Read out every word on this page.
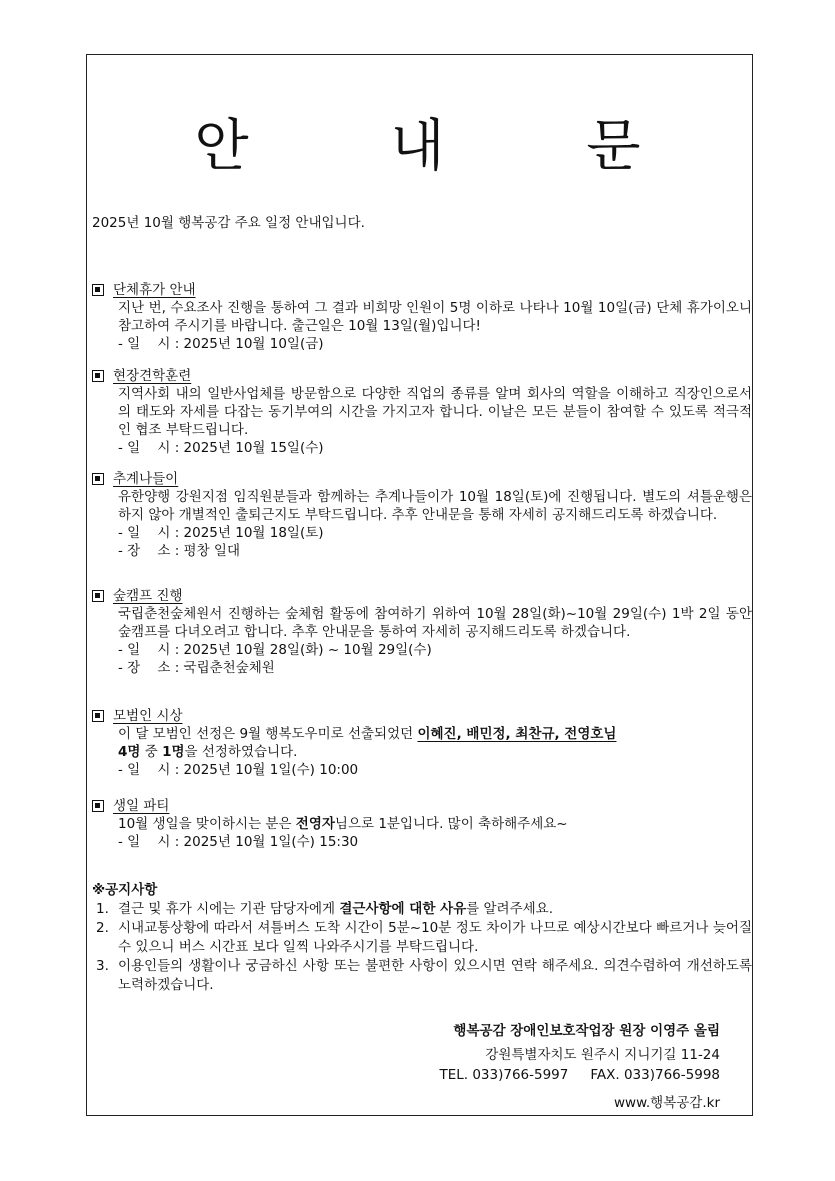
안 내 문
2025년 10월 행복공감 주요 일정 안내입니다.
단체휴가 안내

지난 번, 수요조사 진행을 통하여 그 결과 비희망 인원이 5명 이하로 나타나 10월 10일(금) 단체 휴가이오니 참고하여 주시기를 바랍니다. 출근일은 10월 13일(월)입니다!

- 일    시 : 2025년 10월 10일(금)
현장견학훈련

지역사회 내의 일반사업체를 방문함으로 다양한 직업의 종류를 알며 회사의 역할을 이해하고 직장인으로서의 태도와 자세를 다잡는 동기부여의 시간을 가지고자 합니다. 이날은 모든 분들이 참여할 수 있도록 적극적인 협조 부탁드립니다.

- 일    시 : 2025년 10월 15일(수)
추계나들이

유한양행 강원지점 임직원분들과 함께하는 추계나들이가 10월 18일(토)에 진행됩니다. 별도의 셔틀운행은 하지 않아 개별적인 출퇴근지도 부탁드립니다. 추후 안내문을 통해 자세히 공지해드리도록 하겠습니다.

- 일    시 : 2025년 10월 18일(토)
- 장    소 : 평창 일대
숲캠프 진행

국립춘천숲체원서 진행하는 숲체험 활동에 참여하기 위하여 10월 28일(화)~10월 29일(수) 1박 2일 동안 숲캠프를 다녀오려고 합니다. 추후 안내문을 통하여 자세히 공지해드리도록 하겠습니다.

- 일    시 : 2025년 10월 28일(화) ~ 10월 29일(수)
- 장    소 : 국립춘천숲체원
모범인 시상

이 달 모범인 선정은 9월 행복도우미로 선출되었던 이혜진, 배민정, 최찬규, 전영호님
4명 중 1명을 선정하였습니다.

- 일    시 : 2025년 10월 1일(수) 10:00
생일 파티

10월 생일을 맞이하시는 분은 전영자님으로 1분입니다. 많이 축하해주세요~

- 일    시 : 2025년 10월 1일(수) 15:30
※공지사항
1. 결근 및 휴가 시에는 기관 담당자에게 결근사항에 대한 사유를 알려주세요.
2. 시내교통상황에 따라서 셔틀버스 도착 시간이 5분~10분 정도 차이가 나므로 예상시간보다 빠르거나 늦어질 수 있으니 버스 시간표 보다 일찍 나와주시기를 부탁드립니다.
3. 이용인들의 생활이나 궁금하신 사항 또는 불편한 사항이 있으시면 연락 해주세요. 의견수렴하여 개선하도록 노력하겠습니다.
행복공감 장애인보호작업장 원장 이영주 올림
강원특별자치도 원주시 지니기길 11-24
TEL. 033)766-5997 FAX. 033)766-5998
www.행복공감.kr
